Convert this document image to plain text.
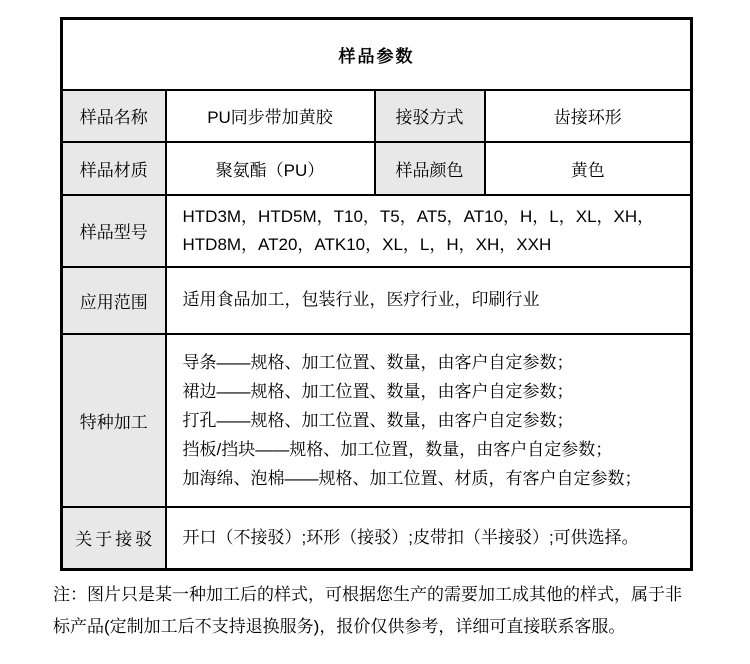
样品参数			
样品名称	PU同步带加黄胶	接驳方式	齿接环形
样品材质	聚氨酯（PU）	样品颜色	黄色
样品型号	HTD3M，HTD5M，T10，T5，AT5，AT10，H，L，XL，XH，
HTD8M，AT20，ATK10，XL，L，H，XH，XXH		

应用范围	适用食品加工，包装行业，医疗行业，印刷行业		

特种加工	导条——规格、加工位置、数量，由客户自定参数；
裙边——规格、加工位置、数量，由客户自定参数；
打孔——规格、加工位置、数量，由客户自定参数；
挡板/挡块——规格、加工位置，数量，由客户自定参数；
加海绵、泡棉——规格、加工位置、材质，有客户自定参数；		

关于接驳	开口（不接驳）;环形（接驳）;皮带扣（半接驳）;可供选择。		

注：图片只是某一种加工后的样式，可根据您生产的需要加工成其他的样式，属于非标产品(定制加工后不支持退换服务)，报价仅供参考，详细可直接联系客服。
